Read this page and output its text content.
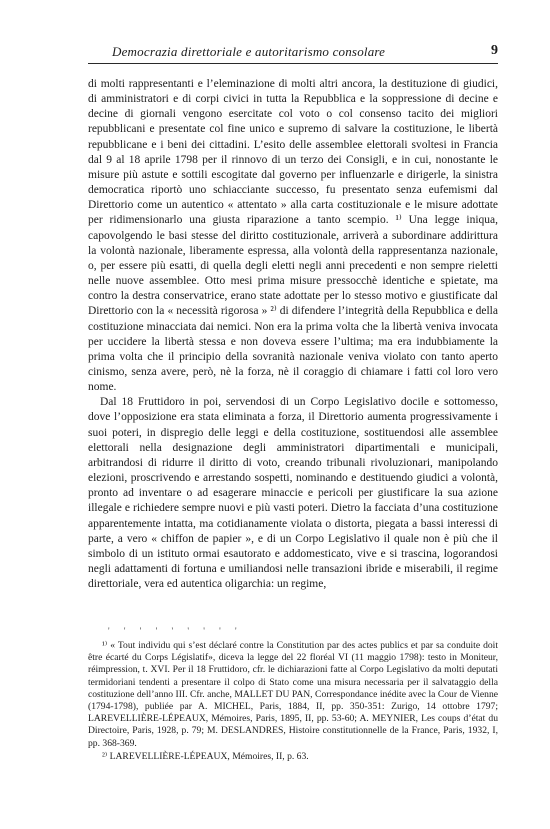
Democrazia direttoriale e autoritarismo consolare	9

di molti rappresentanti e l’eleminazione di molti altri ancora, la destituzione di giudici, di amministratori e di corpi civici in tutta la Repubblica e la soppressione di decine e decine di giornali vengono esercitate col voto o col consenso tacito dei migliori repubblicani e presentate col fine unico e supremo di salvare la costituzione, le libertà repubblicane e i beni dei cittadini. L’esito delle assemblee elettorali svoltesi in Francia dal 9 al 18 aprile 1798 per il rinnovo di un terzo dei Consigli, e in cui, nonostante le misure più astute e sottili escogitate dal governo per influenzarle e dirigerle, la sinistra democratica riportò uno schiacciante successo, fu presentato senza eufemismi dal Direttorio come un autentico « attentato » alla carta costituzionale e le misure adottate per ridimensionarlo una giusta riparazione a tanto scempio. ¹⁾ Una legge iniqua, capovolgendo le basi stesse del diritto costituzionale, arriverà a subordinare addirittura la volontà nazionale, liberamente espressa, alla volontà della rappresentanza nazionale, o, per essere più esatti, di quella degli eletti negli anni precedenti e non sempre rieletti nelle nuove assemblee. Otto mesi prima misure pressocchè identiche e spietate, ma contro la destra conservatrice, erano state adottate per lo stesso motivo e giustificate dal Direttorio con la « necessità rigorosa » ²⁾ di difendere l’integrità della Repubblica e della costituzione minacciata dai nemici. Non era la prima volta che la libertà veniva invocata per uccidere la libertà stessa e non doveva essere l’ultima; ma era indubbiamente la prima volta che il principio della sovranità nazionale veniva violato con tanto aperto cinismo, senza avere, però, nè la forza, nè il coraggio di chiamare i fatti col loro vero nome.

Dal 18 Fruttidoro in poi, servendosi di un Corpo Legislativo docile e sottomesso, dove l’opposizione era stata eliminata a forza, il Direttorio aumenta progressivamente i suoi poteri, in dispregio delle leggi e della costituzione, sostituendosi alle assemblee elettorali nella designazione degli amministratori dipartimentali e municipali, arbitrandosi di ridurre il diritto di voto, creando tribunali rivoluzionari, manipolando elezioni, proscrivendo e arrestando sospetti, nominando e destituendo giudici a volontà, pronto ad inventare o ad esagerare minaccie e pericoli per giustificare la sua azione illegale e richiedere sempre nuovi e più vasti poteri. Dietro la facciata d’una costituzione apparentemente intatta, ma cotidianamente violata o distorta, piegata a bassi interessi di parte, a vero « chiffon de papier », e di un Corpo Legislativo il quale non è più che il simbolo di un istituto ormai esautorato e addomesticato, vive e si trascina, logorandosi negli adattamenti di fortuna e umiliandosi nelle transazioni ibride e miserabili, il regime direttoriale, vera ed autentica oligarchia: un regime,

' ' ' ' ' ' ' ' '

¹⁾ « Tout individu qui s’est déclaré contre la Constitution par des actes publics et par sa conduite doit être écarté du Corps Législatif», diceva la legge del 22 floréal VI (11 maggio 1798): testo in Moniteur, réimpression, t. XVI. Per il 18 Fruttidoro, cfr. le dichiarazioni fatte al Corpo Legislativo da molti deputati termidoriani tendenti a presentare il colpo di Stato come una misura necessaria per il salvataggio della costituzione dell’anno III. Cfr. anche, MALLET DU PAN, Correspondance inédite avec la Cour de Vienne (1794-1798), publiée par A. MICHEL, Paris, 1884, II, pp. 350-351: Zurigo, 14 ottobre 1797; LAREVELLIÈRE-LÉPEAUX, Mémoires, Paris, 1895, II, pp. 53-60; A. MEYNIER, Les coups d’état du Directoire, Paris, 1928, p. 79; M. DESLANDRES, Histoire constitutionnelle de la France, Paris, 1932, I, pp. 368-369.

²⁾ LAREVELLIÈRE-LÉPEAUX, Mémoires, II, p. 63.
